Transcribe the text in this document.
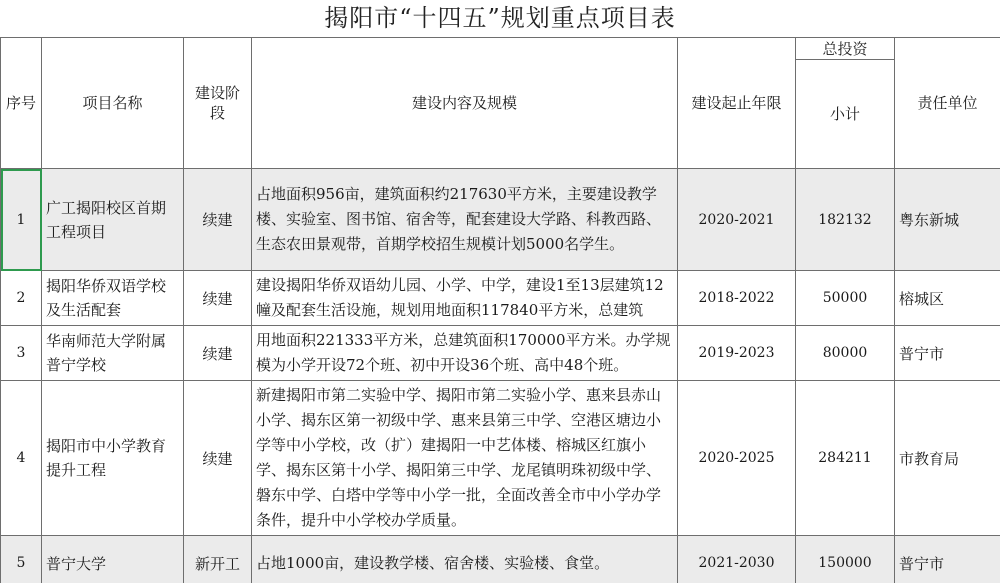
揭阳市“十四五”规划重点项目表
序号	项目名称	建设阶段	建设内容及规模	建设起止年限	总投资	责任单位
					小计	
1	广工揭阳校区首期工程项目	续建	占地面积956亩，建筑面积约217630平方米，主要建设教学楼、实验室、图书馆、宿舍等，配套建设大学路、科教西路、生态农田景观带，首期学校招生规模计划5000名学生。	2020-2021	182132	粤东新城
2	揭阳华侨双语学校及生活配套	续建	建设揭阳华侨双语幼儿园、小学、中学，建设1至13层建筑12幢及配套生活设施，规划用地面积117840平方米，总建筑	2018-2022	50000	榕城区
3	华南师范大学附属普宁学校	续建	用地面积221333平方米，总建筑面积170000平方米。办学规模为小学开设72个班、初中开设36个班、高中48个班。	2019-2023	80000	普宁市
4	揭阳市中小学教育提升工程	续建	新建揭阳市第二实验中学、揭阳市第二实验小学、惠来县赤山小学、揭东区第一初级中学、惠来县第三中学、空港区塘边小学等中小学校，改（扩）建揭阳一中艺体楼、榕城区红旗小学、揭东区第十小学、揭阳第三中学、龙尾镇明珠初级中学、磐东中学、白塔中学等中小学一批，全面改善全市中小学办学条件，提升中小学校办学质量。	2020-2025	284211	市教育局
5	普宁大学	新开工	占地1000亩，建设教学楼、宿舍楼、实验楼、食堂。	2021-2030	150000	普宁市
